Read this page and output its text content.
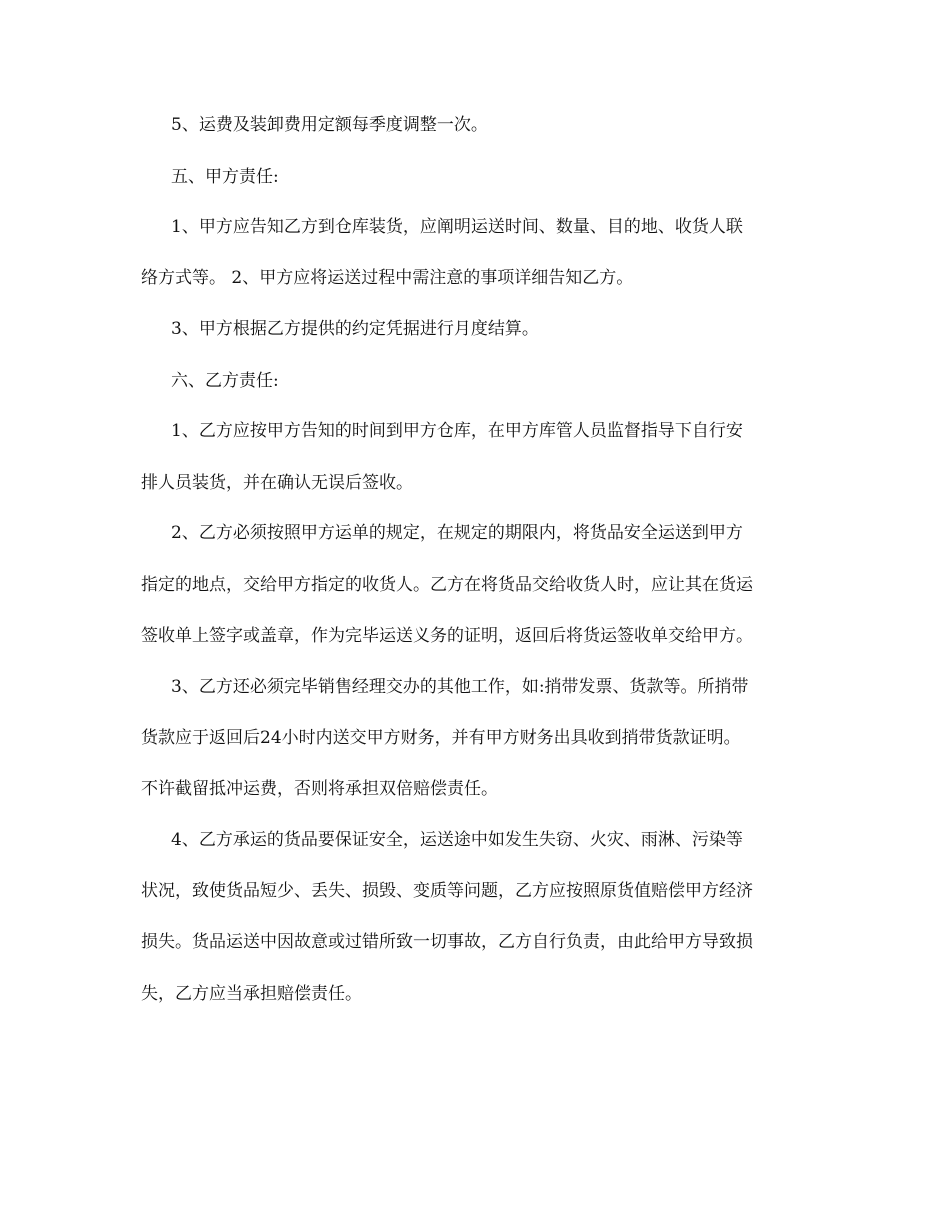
5、运费及装卸费用定额每季度调整一次。
五、甲方责任:
1、甲方应告知乙方到仓库装货，应阐明运送时间、数量、目的地、收货人联
络方式等。 2、甲方应将运送过程中需注意的事项详细告知乙方。
3、甲方根据乙方提供的约定凭据进行月度结算。
六、乙方责任:
1、乙方应按甲方告知的时间到甲方仓库，在甲方库管人员监督指导下自行安
排人员装货，并在确认无误后签收。
2、乙方必须按照甲方运单的规定，在规定的期限内，将货品安全运送到甲方
指定的地点，交给甲方指定的收货人。乙方在将货品交给收货人时，应让其在货运
签收单上签字或盖章，作为完毕运送义务的证明，返回后将货运签收单交给甲方。
3、乙方还必须完毕销售经理交办的其他工作，如:捎带发票、货款等。所捎带
货款应于返回后24小时内送交甲方财务，并有甲方财务出具收到捎带货款证明。
不许截留抵冲运费，否则将承担双倍赔偿责任。
4、乙方承运的货品要保证安全，运送途中如发生失窃、火灾、雨淋、污染等
状况，致使货品短少、丢失、损毁、变质等问题，乙方应按照原货值赔偿甲方经济
损失。货品运送中因故意或过错所致一切事故，乙方自行负责，由此给甲方导致损
失，乙方应当承担赔偿责任。
